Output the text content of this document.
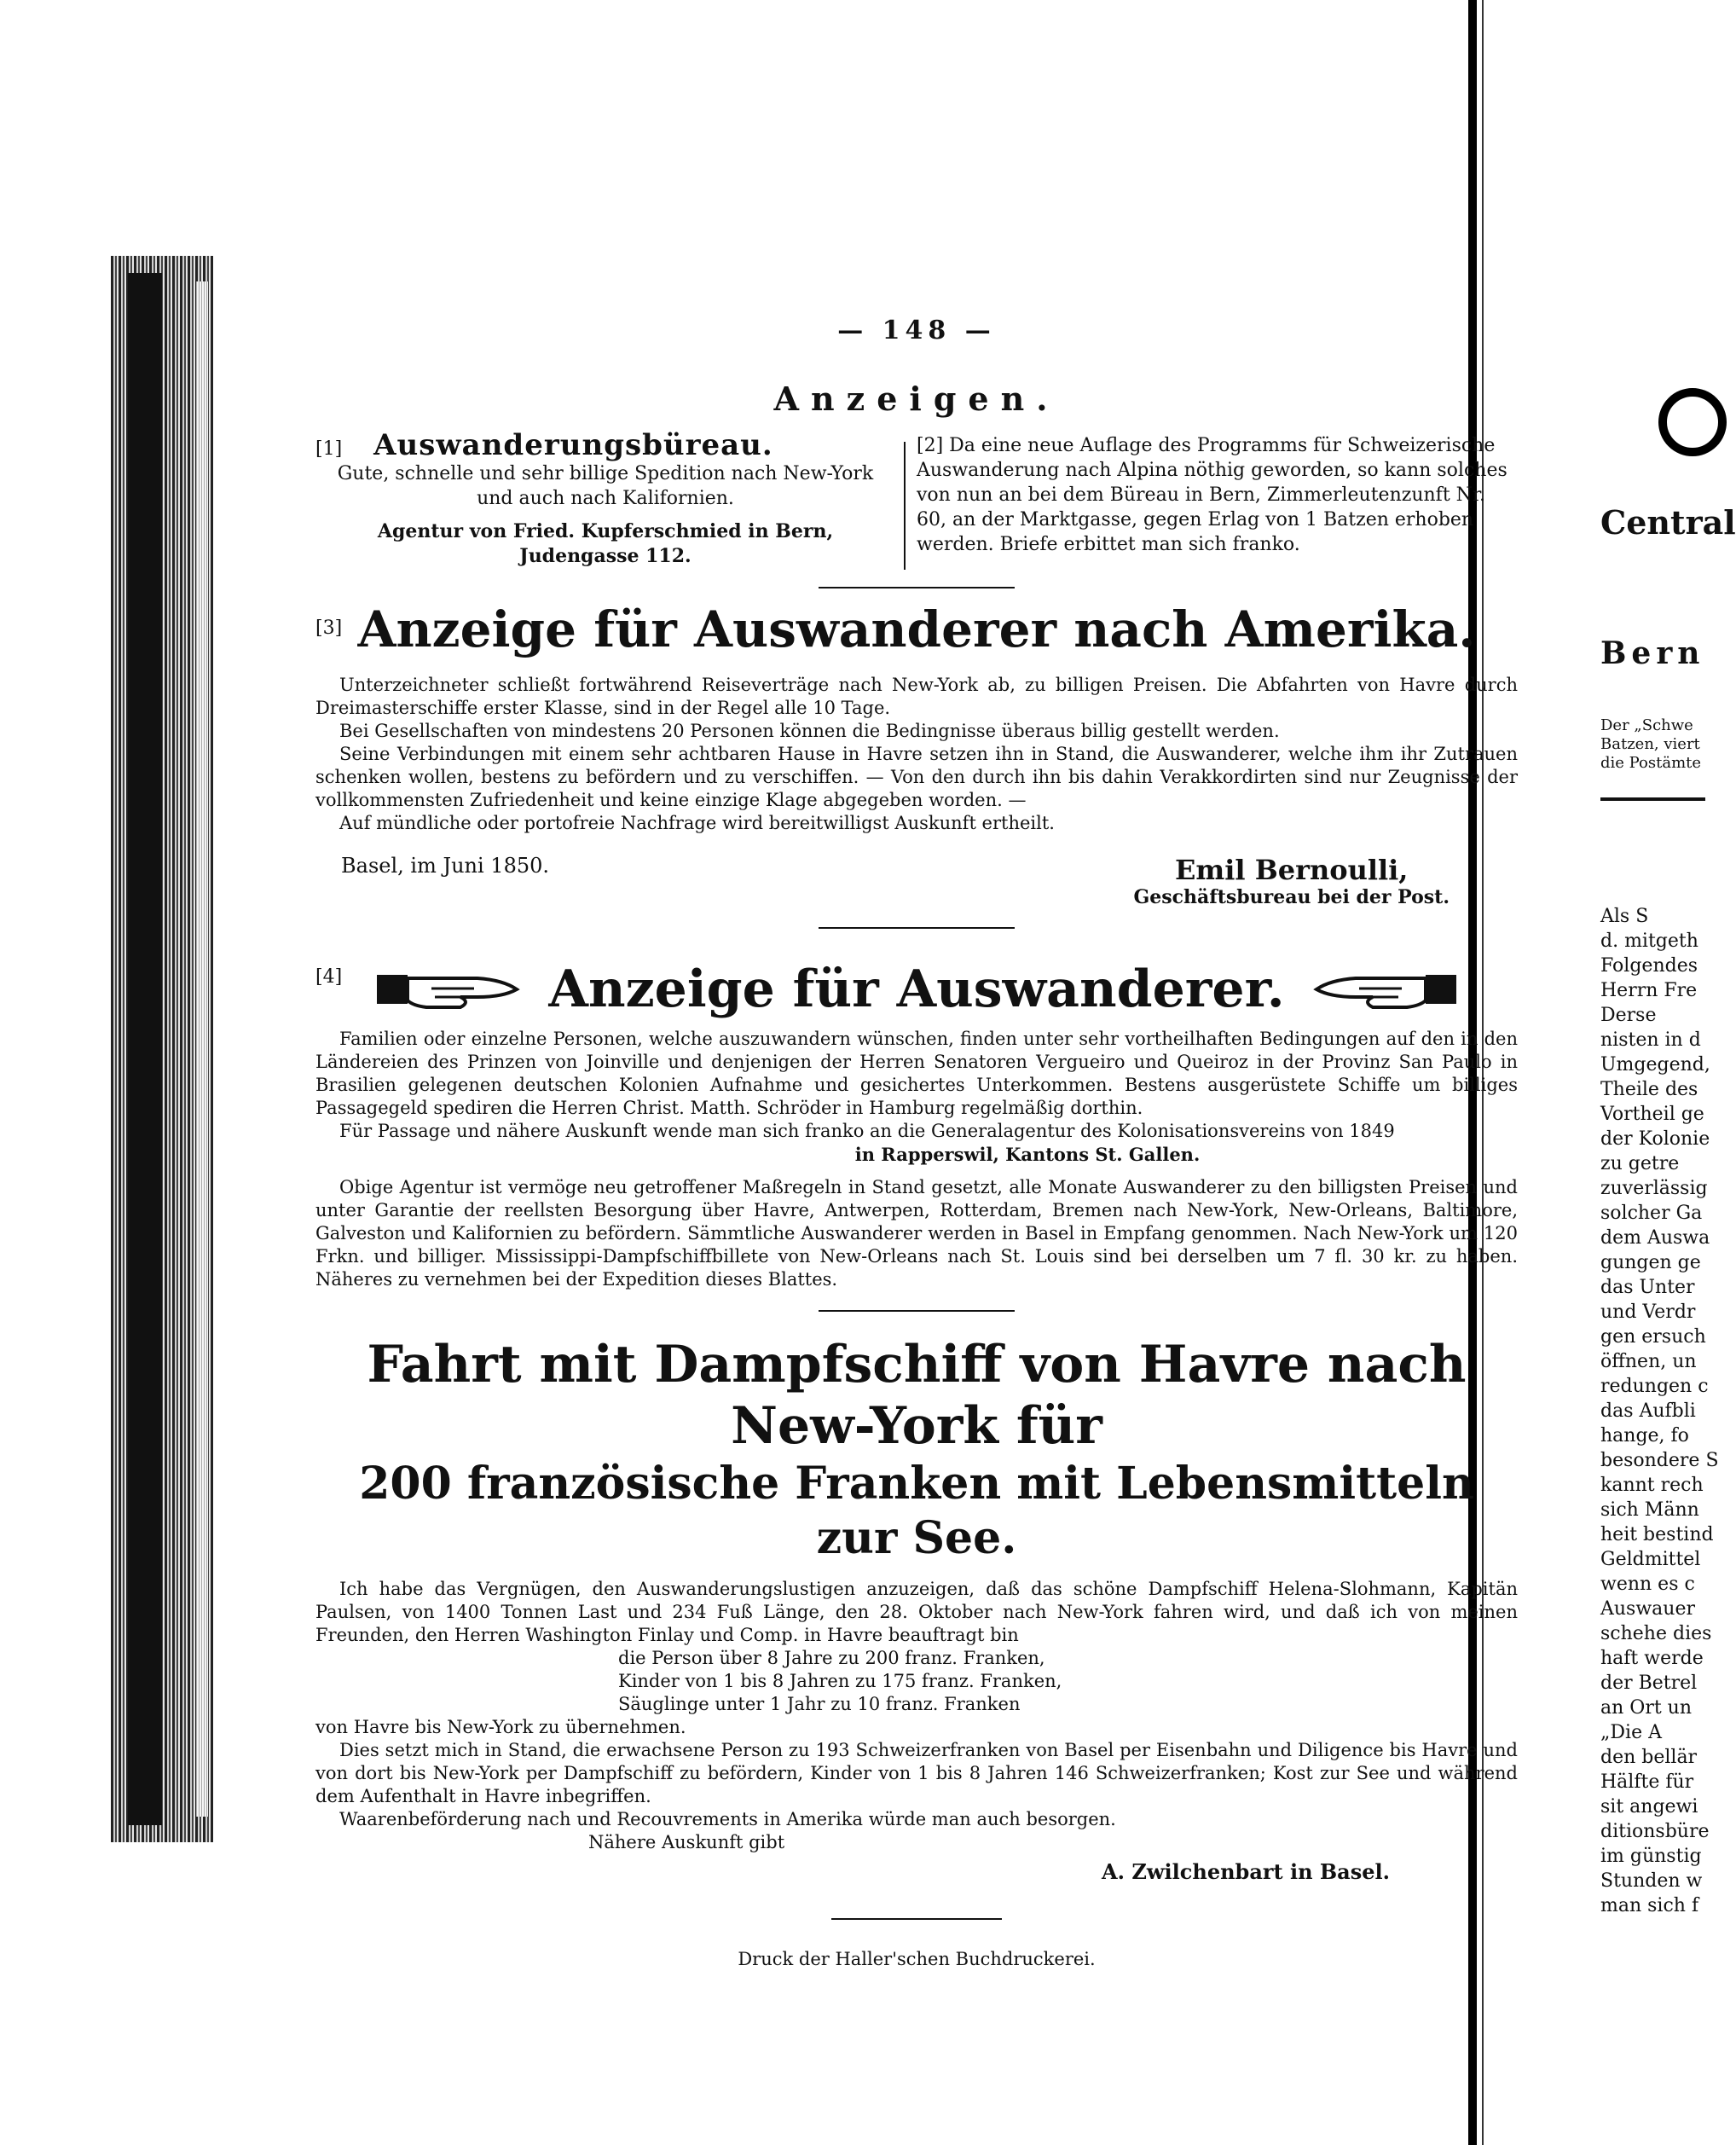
— 148 —
Anzeigen.
[1] Auswanderungsbüreau.
Gute, schnelle und sehr billige Spedition nach New-York
und auch nach Kalifornien.
Agentur von Fried. Kupferschmied in Bern,
Judengasse 112.
[2] Da eine neue Auflage des Programms für Schweizerische Auswanderung nach Alpina nöthig geworden, so kann solches von nun an bei dem Büreau in Bern, Zimmerleutenzunft Nr. 60, an der Marktgasse, gegen Erlag von 1 Batzen erhoben werden. Briefe erbittet man sich franko.
[3] Anzeige für Auswanderer nach Amerika.

Unterzeichneter schließt fortwährend Reiseverträge nach New-York ab, zu billigen Preisen. Die Abfahrten von Havre durch Dreimasterschiffe erster Klasse, sind in der Regel alle 10 Tage.

Bei Gesellschaften von mindestens 20 Personen können die Bedingnisse überaus billig gestellt werden.

Seine Verbindungen mit einem sehr achtbaren Hause in Havre setzen ihn in Stand, die Auswanderer, welche ihm ihr Zutrauen schenken wollen, bestens zu befördern und zu verschiffen. — Von den durch ihn bis dahin Verakkordirten sind nur Zeugnisse der vollkommensten Zufriedenheit und keine einzige Klage abgegeben worden. —

Auf mündliche oder portofreie Nachfrage wird bereitwilligst Auskunft ertheilt.

Basel, im Juni 1850.	Emil Bernoulli,
Geschäftsbureau bei der Post.
[4]	Anzeige für Auswanderer.

Familien oder einzelne Personen, welche auszuwandern wünschen, finden unter sehr vortheilhaften Bedingungen auf den in den Ländereien des Prinzen von Joinville und denjenigen der Herren Senatoren Vergueiro und Queiroz in der Provinz San Paulo in Brasilien gelegenen deutschen Kolonien Aufnahme und gesichertes Unterkommen. Bestens ausgerüstete Schiffe um billiges Passagegeld spediren die Herren Christ. Matth. Schröder in Hamburg regelmäßig dorthin.

Für Passage und nähere Auskunft wende man sich franko an die Generalagentur des Kolonisationsvereins von 1849

in Rapperswil, Kantons St. Gallen.

Obige Agentur ist vermöge neu getroffener Maßregeln in Stand gesetzt, alle Monate Auswanderer zu den billigsten Preisen und unter Garantie der reellsten Besorgung über Havre, Antwerpen, Rotterdam, Bremen nach New-York, New-Orleans, Baltimore, Galveston und Kalifornien zu befördern. Sämmtliche Auswanderer werden in Basel in Empfang genommen. Nach New-York um 120 Frkn. und billiger. Mississippi-Dampfschiffbillete von New-Orleans nach St. Louis sind bei derselben um 7 fl. 30 kr. zu haben. Näheres zu vernehmen bei der Expedition dieses Blattes.

Fahrt mit Dampfschiff von Havre nach New-York für
200 französische Franken mit Lebensmitteln zur See.

Ich habe das Vergnügen, den Auswanderungslustigen anzuzeigen, daß das schöne Dampfschiff Helena-Slohmann, Kapitän Paulsen, von 1400 Tonnen Last und 234 Fuß Länge, den 28. Oktober nach New-York fahren wird, und daß ich von meinen Freunden, den Herren Washington Finlay und Comp. in Havre beauftragt bin

die Person über 8 Jahre zu 200 franz. Franken,
Kinder von 1 bis 8 Jahren zu 175 franz. Franken,
Säuglinge unter 1 Jahr zu 10 franz. Franken

von Havre bis New-York zu übernehmen.

Dies setzt mich in Stand, die erwachsene Person zu 193 Schweizerfranken von Basel per Eisenbahn und Diligence bis Havre und von dort bis New-York per Dampfschiff zu befördern, Kinder von 1 bis 8 Jahren 146 Schweizerfranken; Kost zur See und während dem Aufenthalt in Havre inbegriffen.

Waarenbeförderung nach und Recouvrements in Amerika würde man auch besorgen.

Nähere Auskunft gibt

A. Zwilchenbart in Basel.
Druck der Haller'schen Buchdruckerei.
Central
Bern
Der „Schwe
Batzen, viert
die Postämte
Als S
d. mitgeth
Folgendes
Herrn Fre
Derse
nisten in d
Umgegend,
Theile des
Vortheil ge
der Kolonie
zu getre
zuverlässig
solcher Ga
dem Auswa
gungen ge
das Unter
und Verdr
gen ersuch
öffnen, un
redungen c
das Aufbli
hange, fo
besondere S
kannt rech
sich Männ
heit bestind
Geldmittel
wenn es c
Auswauer
schehe dies
haft werde
der Betrel
an Ort un
„Die A
den bellär
Hälfte für
sit angewi
ditionsbüre
im günstig
Stunden w
man sich f
